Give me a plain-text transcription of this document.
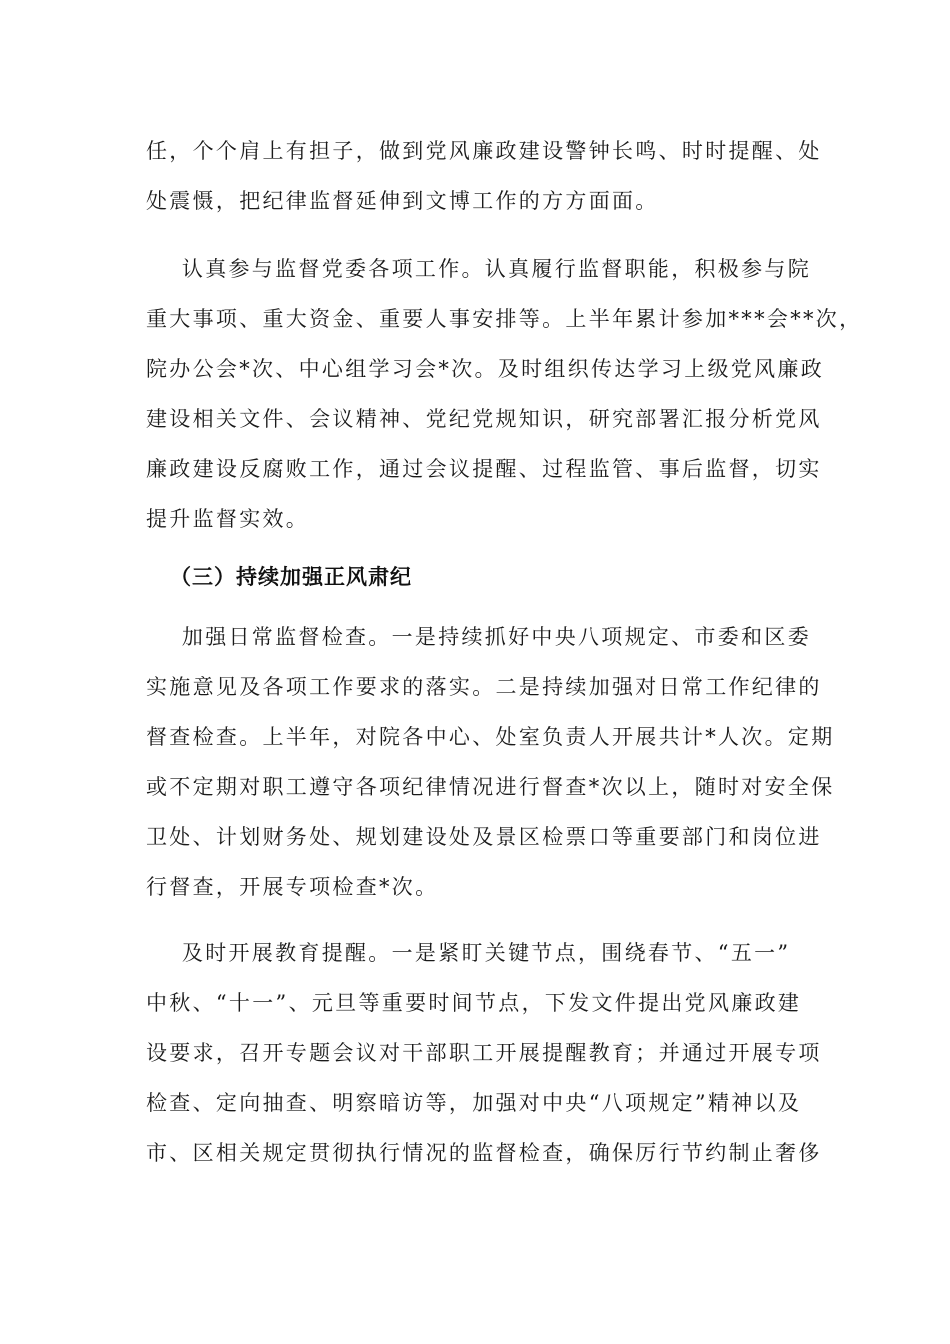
任，个个肩上有担子，做到党风廉政建设警钟长鸣、时时提醒、处
处震慑，把纪律监督延伸到文博工作的方方面面。
认真参与监督党委各项工作。认真履行监督职能，积极参与院
重大事项、重大资金、重要人事安排等。上半年累计参加***会**次，
院办公会*次、中心组学习会*次。及时组织传达学习上级党风廉政
建设相关文件、会议精神、党纪党规知识，研究部署汇报分析党风
廉政建设反腐败工作，通过会议提醒、过程监管、事后监督，切实
提升监督实效。
（三）持续加强正风肃纪
加强日常监督检查。一是持续抓好中央八项规定、市委和区委
实施意见及各项工作要求的落实。二是持续加强对日常工作纪律的
督查检查。上半年，对院各中心、处室负责人开展共计*人次。定期
或不定期对职工遵守各项纪律情况进行督查*次以上，随时对安全保
卫处、计划财务处、规划建设处及景区检票口等重要部门和岗位进
行督查，开展专项检查*次。
及时开展教育提醒。一是紧盯关键节点，围绕春节、“五一”
中秋、“十一”、元旦等重要时间节点，下发文件提出党风廉政建
设要求，召开专题会议对干部职工开展提醒教育；并通过开展专项
检查、定向抽查、明察暗访等，加强对中央“八项规定”精神以及
市、区相关规定贯彻执行情况的监督检查，确保厉行节约制止奢侈
